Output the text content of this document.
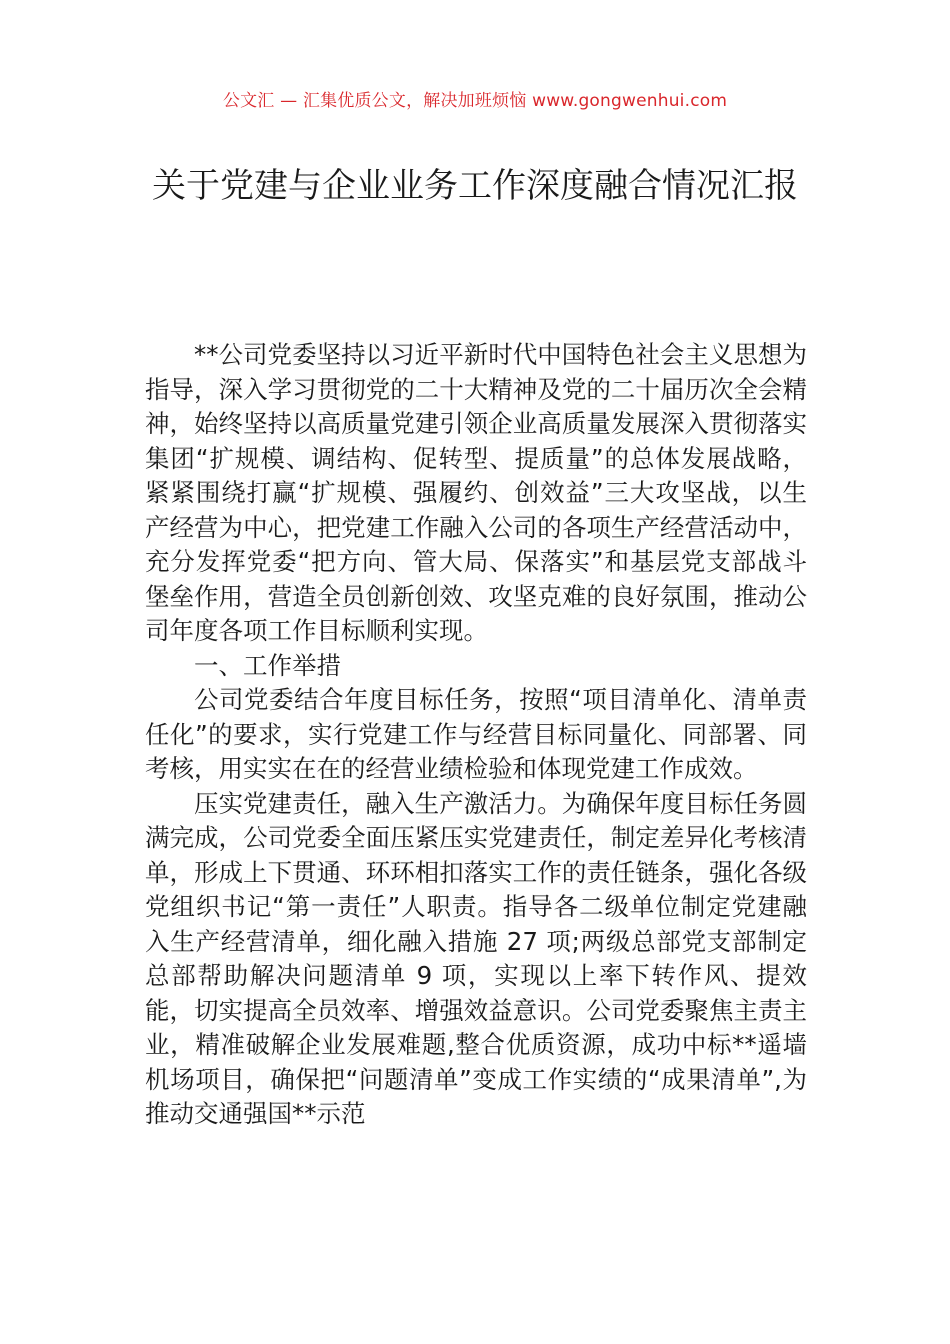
公文汇 — 汇集优质公文，解决加班烦恼 www.gongwenhui.com
关于党建与企业业务工作深度融合情况汇报

**公司党委坚持以习近平新时代中国特色社会主义思想为指导，深入学习贯彻党的二十大精神及党的二十届历次全会精神，始终坚持以高质量党建引领企业高质量发展深入贯彻落实集团“扩规模、调结构、促转型、提质量”的总体发展战略，紧紧围绕打赢“扩规模、强履约、创效益”三大攻坚战，以生产经营为中心，把党建工作融入公司的各项生产经营活动中，充分发挥党委“把方向、管大局、保落实”和基层党支部战斗堡垒作用，营造全员创新创效、攻坚克难的良好氛围，推动公司年度各项工作目标顺利实现。

一、工作举措

公司党委结合年度目标任务，按照“项目清单化、清单责任化”的要求，实行党建工作与经营目标同量化、同部署、同考核，用实实在在的经营业绩检验和体现党建工作成效。

压实党建责任，融入生产激活力。为确保年度目标任务圆满完成，公司党委全面压紧压实党建责任，制定差异化考核清单，形成上下贯通、环环相扣落实工作的责任链条，强化各级党组织书记“第一责任”人职责。指导各二级单位制定党建融入生产经营清单，细化融入措施 27 项;两级总部党支部制定总部帮助解决问题清单 9 项，实现以上率下转作风、提效能，切实提高全员效率、增强效益意识。公司党委聚焦主责主业，精准破解企业发展难题,整合优质资源，成功中标**遥墙机场项目，确保把“问题清单”变成工作实绩的“成果清单”,为推动交通强国**示范
